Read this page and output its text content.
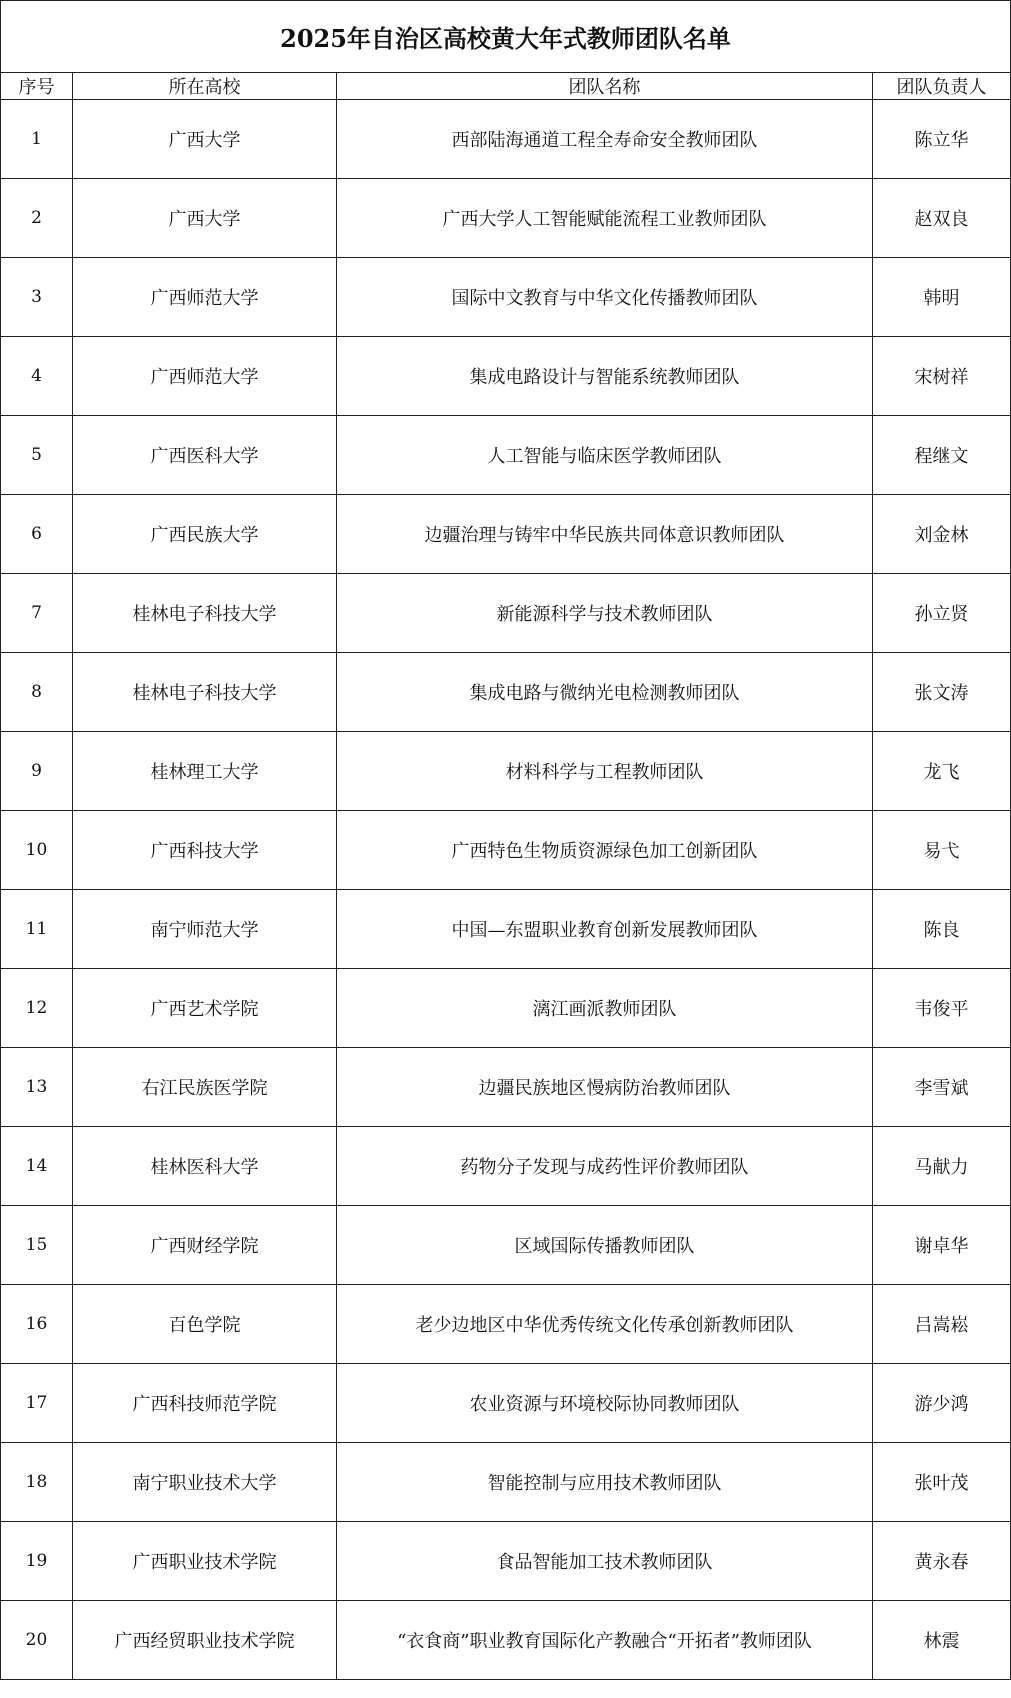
2025年自治区高校黄大年式教师团队名单			
序号	所在高校	团队名称	团队负责人
1	广西大学	西部陆海通道工程全寿命安全教师团队	陈立华
2	广西大学	广西大学人工智能赋能流程工业教师团队	赵双良
3	广西师范大学	国际中文教育与中华文化传播教师团队	韩明
4	广西师范大学	集成电路设计与智能系统教师团队	宋树祥
5	广西医科大学	人工智能与临床医学教师团队	程继文
6	广西民族大学	边疆治理与铸牢中华民族共同体意识教师团队	刘金林
7	桂林电子科技大学	新能源科学与技术教师团队	孙立贤
8	桂林电子科技大学	集成电路与微纳光电检测教师团队	张文涛
9	桂林理工大学	材料科学与工程教师团队	龙飞
10	广西科技大学	广西特色生物质资源绿色加工创新团队	易弋
11	南宁师范大学	中国—东盟职业教育创新发展教师团队	陈良
12	广西艺术学院	漓江画派教师团队	韦俊平
13	右江民族医学院	边疆民族地区慢病防治教师团队	李雪斌
14	桂林医科大学	药物分子发现与成药性评价教师团队	马献力
15	广西财经学院	区域国际传播教师团队	谢卓华
16	百色学院	老少边地区中华优秀传统文化传承创新教师团队	吕嵩崧
17	广西科技师范学院	农业资源与环境校际协同教师团队	游少鸿
18	南宁职业技术大学	智能控制与应用技术教师团队	张叶茂
19	广西职业技术学院	食品智能加工技术教师团队	黄永春
20	广西经贸职业技术学院	“衣食商”职业教育国际化产教融合“开拓者”教师团队	林震
